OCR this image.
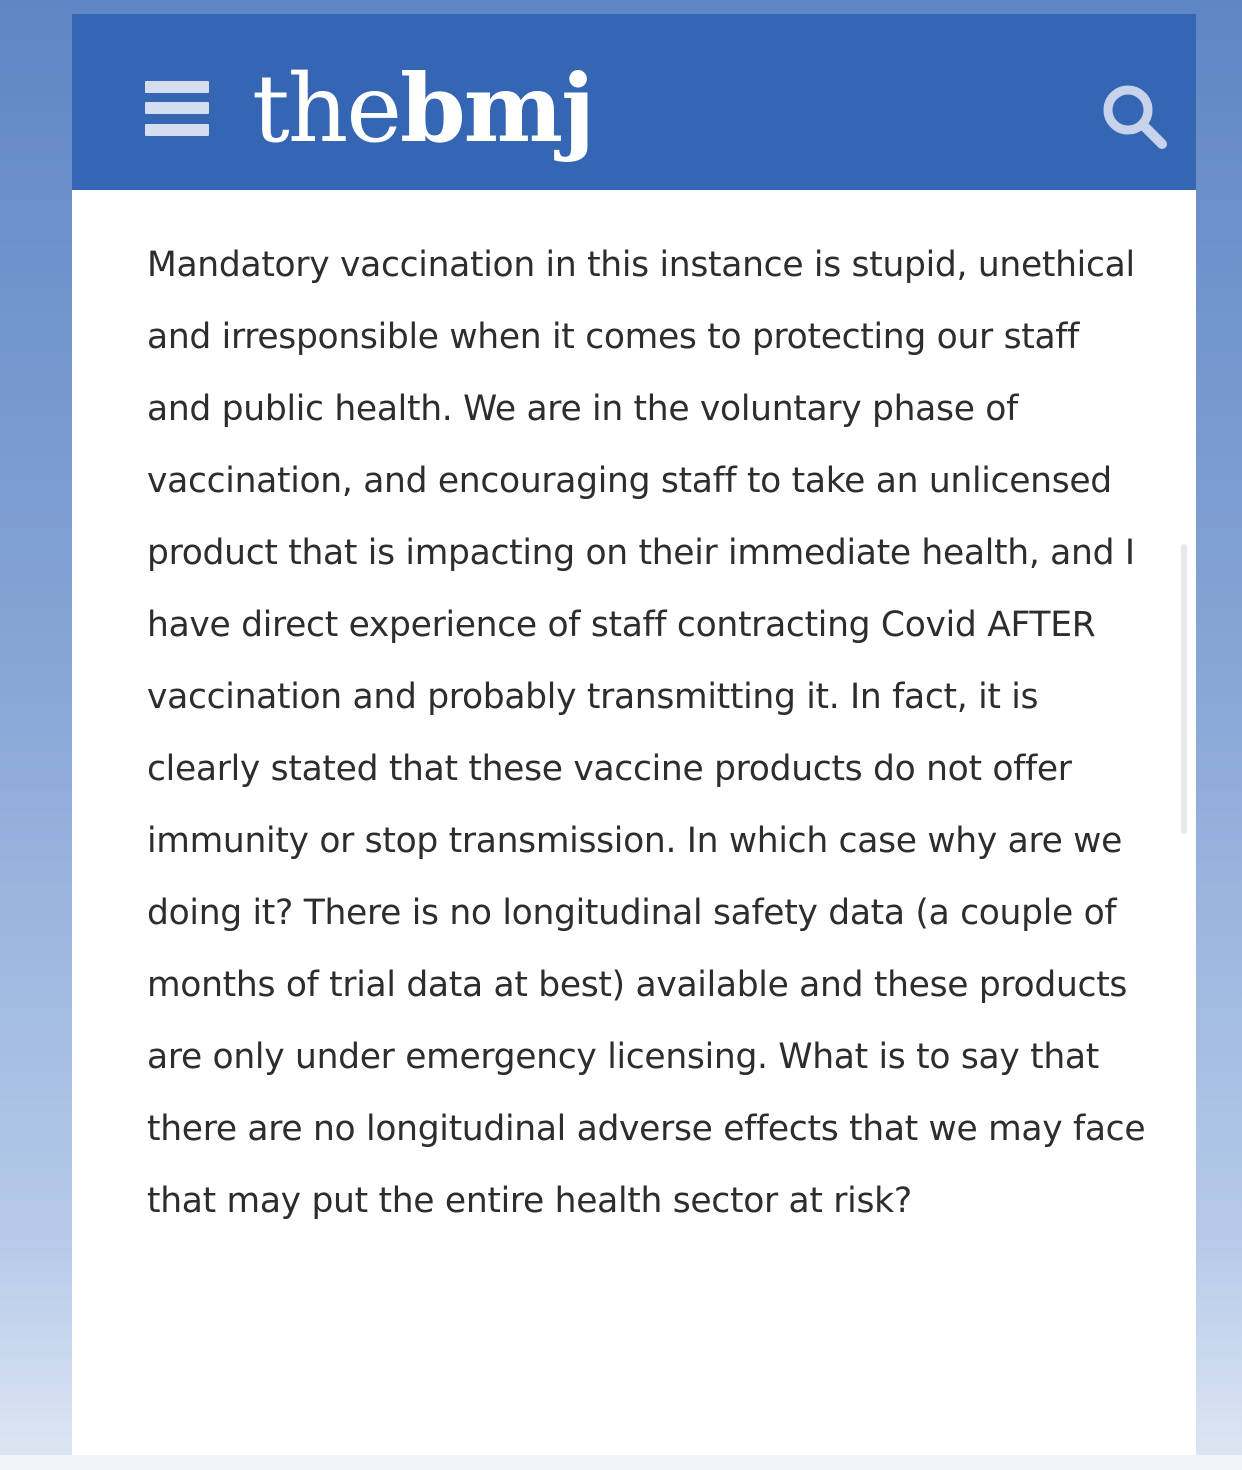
thebmj

Mandatory vaccination in this instance is stupid, unethical and irresponsible when it comes to protecting our staff and public health. We are in the voluntary phase of vaccination, and encouraging staff to take an unlicensed product that is impacting on their immediate health, and I have direct experience of staff contracting Covid AFTER vaccination and probably transmitting it. In fact, it is clearly stated that these vaccine products do not offer immunity or stop transmission. In which case why are we doing it? There is no longitudinal safety data (a couple of months of trial data at best) available and these products are only under emergency licensing. What is to say that there are no longitudinal adverse effects that we may face that may put the entire health sector at risk?
